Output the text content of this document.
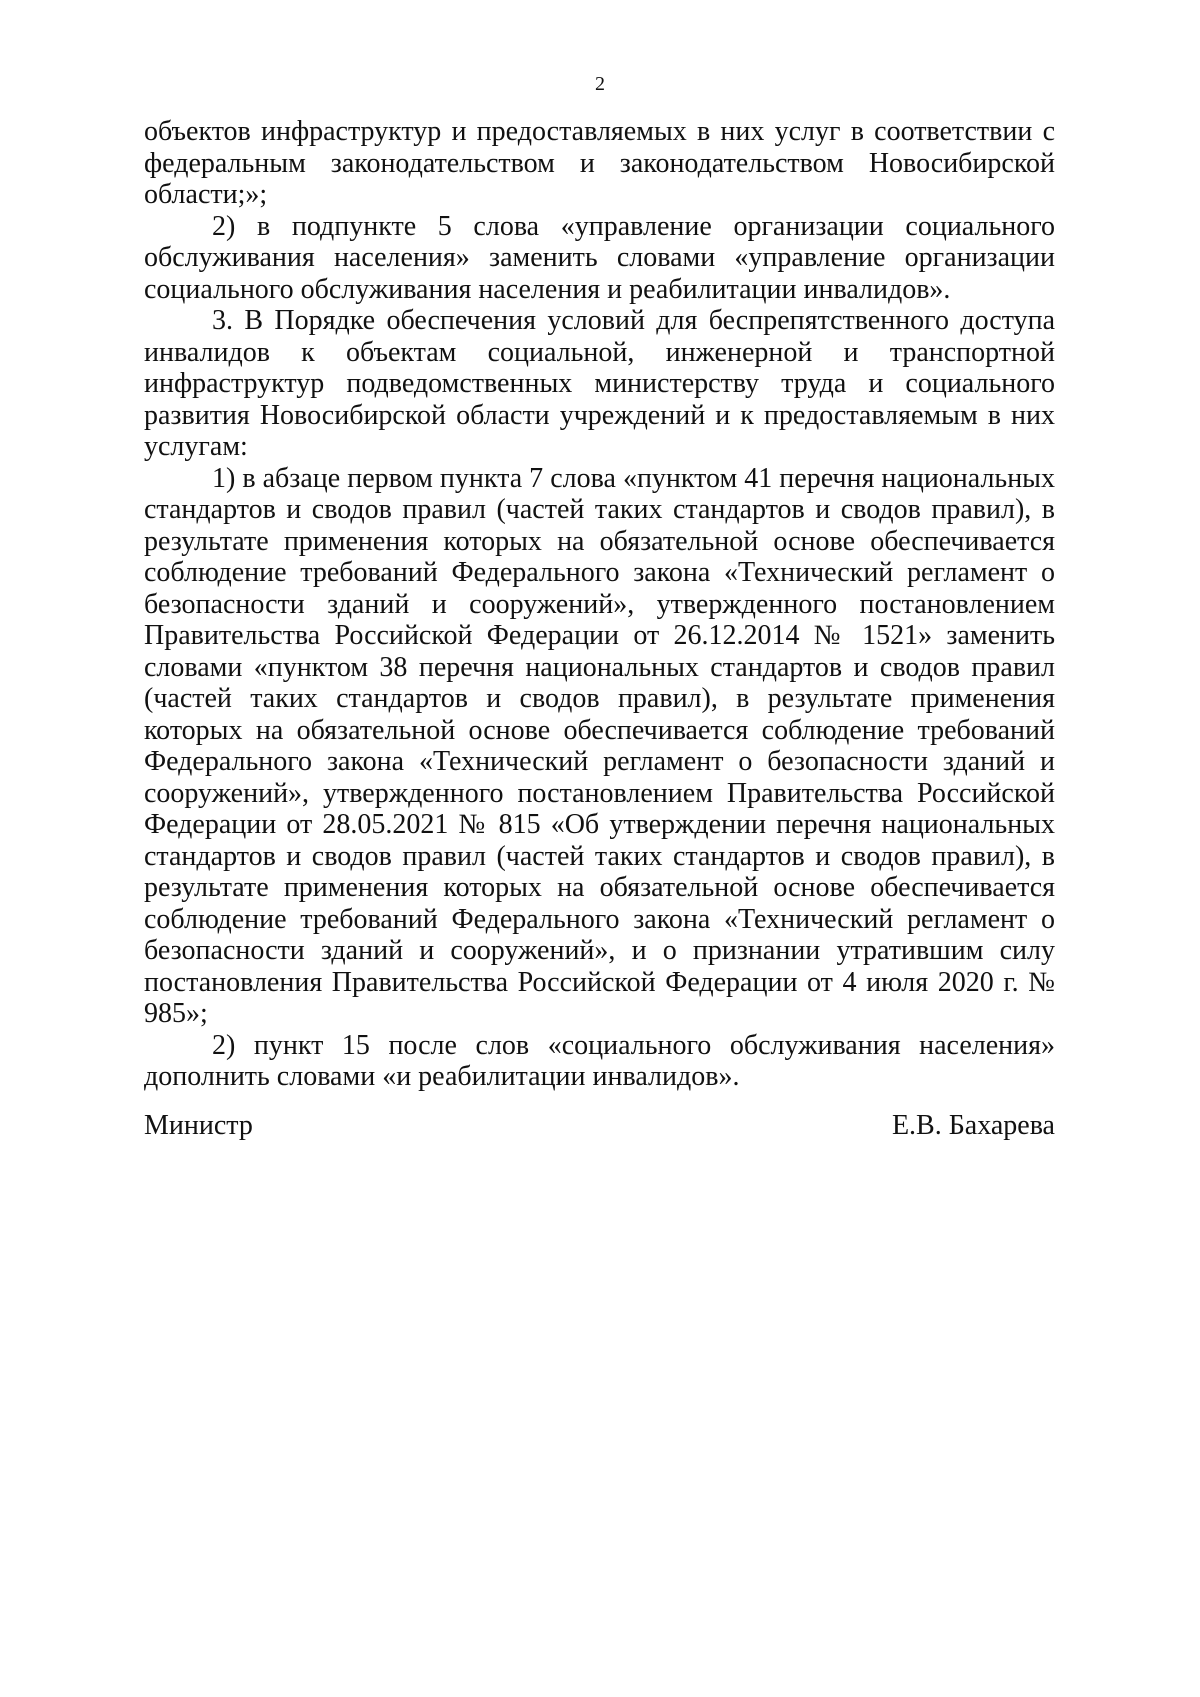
2

объектов инфраструктур и предоставляемых в них услуг в соответствии с федеральным законодательством и законодательством Новосибирской области;»;

2) в подпункте 5 слова «управление организации социального обслуживания населения» заменить словами «управление организации социального обслуживания населения и реабилитации инвалидов».

3. В Порядке обеспечения условий для беспрепятственного доступа инвалидов к объектам социальной, инженерной и транспортной инфраструктур подведомственных министерству труда и социального развития Новосибирской области учреждений и к предоставляемым в них услугам:

1) в абзаце первом пункта 7 слова «пунктом 41 перечня национальных стандартов и сводов правил (частей таких стандартов и сводов правил), в результате применения которых на обязательной основе обеспечивается соблюдение требований Федерального закона «Технический регламент о безопасности зданий и сооружений», утвержденного постановлением Правительства Российской Федерации от 26.12.2014 № 1521» заменить словами «пунктом 38 перечня национальных стандартов и сводов правил (частей таких стандартов и сводов правил), в результате применения которых на обязательной основе обеспечивается соблюдение требований Федерального закона «Технический регламент о безопасности зданий и сооружений», утвержденного постановлением Правительства Российской Федерации от 28.05.2021 № 815 «Об утверждении перечня национальных стандартов и сводов правил (частей таких стандартов и сводов правил), в результате применения которых на обязательной основе обеспечивается соблюдение требований Федерального закона «Технический регламент о безопасности зданий и сооружений», и о признании утратившим силу постановления Правительства Российской Федерации от 4 июля 2020 г. № 985»;

2) пункт 15 после слов «социального обслуживания населения» дополнить словами «и реабилитации инвалидов».

Министр	Е.В. Бахарева
